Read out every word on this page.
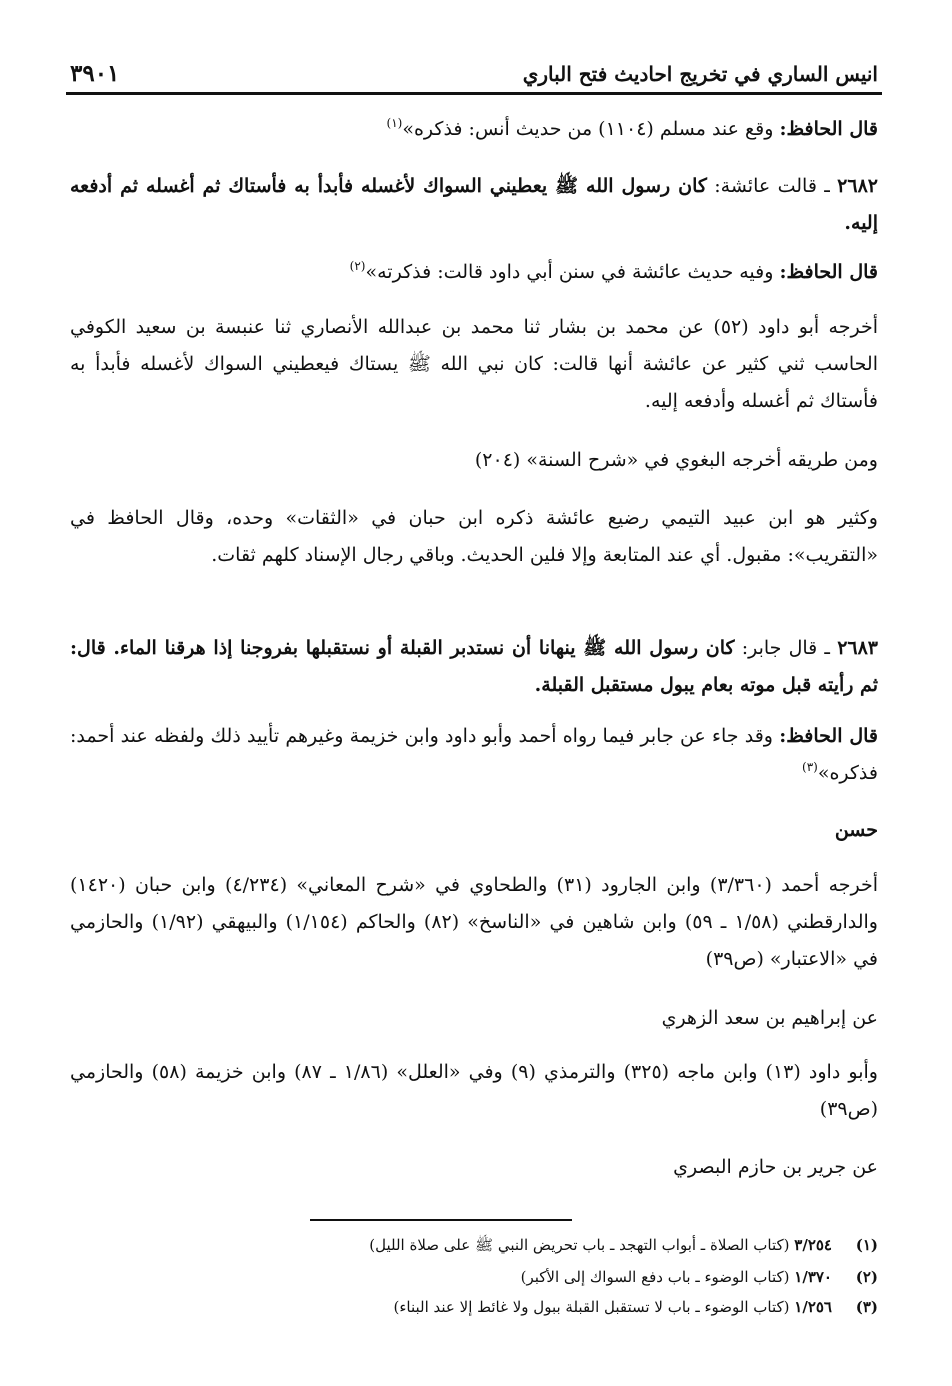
انيس الساري في تخريج احاديث فتح الباري
٣٩٠١
قال الحافظ: وقع عند مسلم (١١٠٤) من حديث أنس: فذكره»$^{(١)}$
٢٦٨٢ ـ قالت عائشة: كان رسول الله ﷺ يعطيني السواك لأغسله فأبدأ به فأستاك ثم أغسله ثم أدفعه إليه.
قال الحافظ: وفيه حديث عائشة في سنن أبي داود قالت: فذكرته»$^{(٢)}$
أخرجه أبو داود (٥٢) عن محمد بن بشار ثنا محمد بن عبدالله الأنصاري ثنا عنبسة بن سعيد الكوفي الحاسب ثني كثير عن عائشة أنها قالت: كان نبي الله ﷺ يستاك فيعطيني السواك لأغسله فأبدأ به فأستاك ثم أغسله وأدفعه إليه.
ومن طريقه أخرجه البغوي في «شرح السنة» (٢٠٤)
وكثير هو ابن عبيد التيمي رضيع عائشة ذكره ابن حبان في «الثقات» وحده، وقال الحافظ في «التقريب»: مقبول. أي عند المتابعة وإلا فلين الحديث. وباقي رجال الإسناد كلهم ثقات.
٢٦٨٣ ـ قال جابر: كان رسول الله ﷺ ينهانا أن نستدبر القبلة أو نستقبلها بفروجنا إذا هرقنا الماء. قال: ثم رأيته قبل موته بعام يبول مستقبل القبلة.
قال الحافظ: وقد جاء عن جابر فيما رواه أحمد وأبو داود وابن خزيمة وغيرهم تأييد ذلك ولفظه عند أحمد: فذكره»$^{(٣)}$
حسن
أخرجه أحمد (٣/٣٦٠) وابن الجارود (٣١) والطحاوي في «شرح المعاني» (٤/٢٣٤) وابن حبان (١٤٢٠) والدارقطني (١/٥٨ ـ ٥٩) وابن شاهين في «الناسخ» (٨٢) والحاكم (١/١٥٤) والبيهقي (١/٩٢) والحازمي في «الاعتبار» (ص٣٩)
عن إبراهيم بن سعد الزهري
وأبو داود (١٣) وابن ماجه (٣٢٥) والترمذي (٩) وفي «العلل» (١/٨٦ ـ ٨٧) وابن خزيمة (٥٨) والحازمي (ص٣٩)
عن جرير بن حازم البصري
(١)٣/٢٥٤ (كتاب الصلاة ـ أبواب التهجد ـ باب تحريض النبي ﷺ على صلاة الليل)
(٢)١/٣٧٠ (كتاب الوضوء ـ باب دفع السواك إلى الأكبر)
(٣)١/٢٥٦ (كتاب الوضوء ـ باب لا تستقبل القبلة ببول ولا غائط إلا عند البناء)
